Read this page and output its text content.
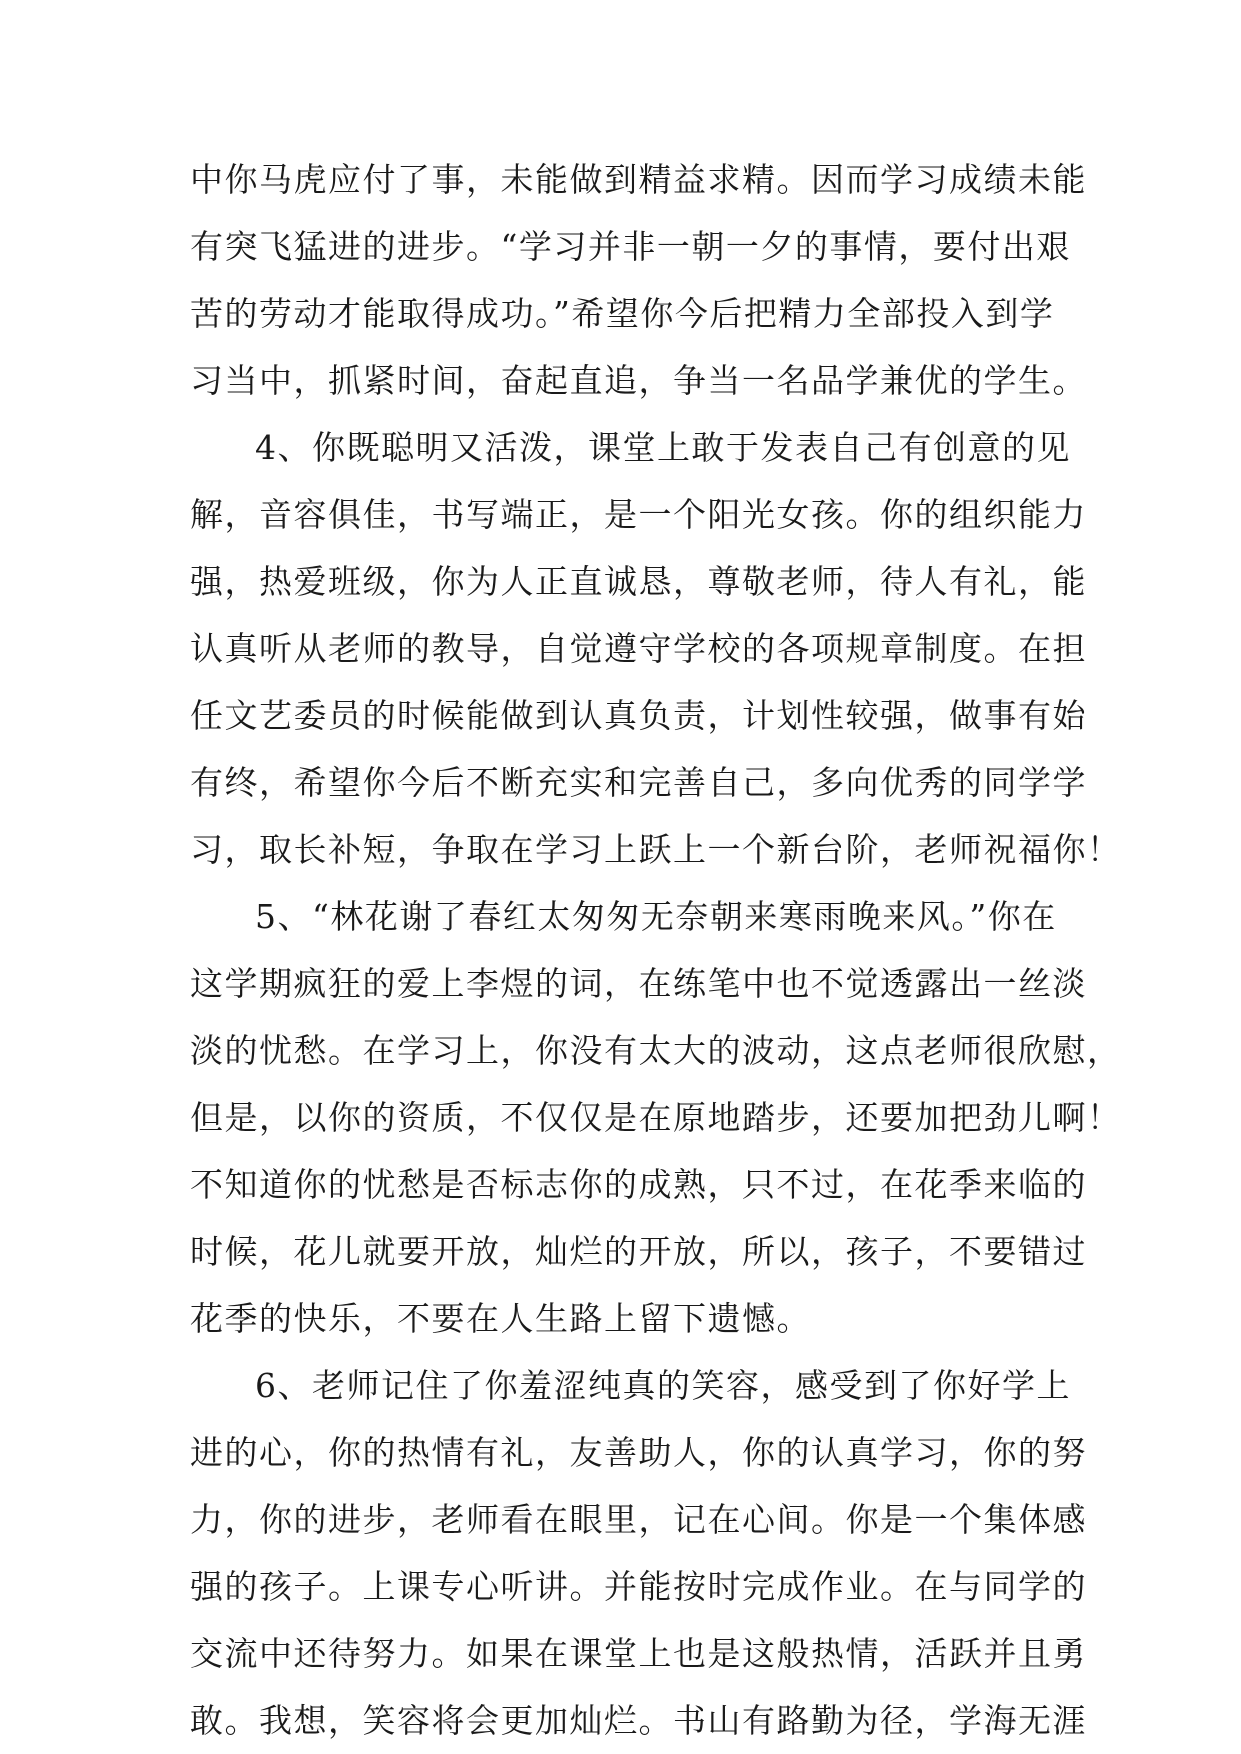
中你马虎应付了事，未能做到精益求精。因而学习成绩未能
有突飞猛进的进步。“学习并非一朝一夕的事情，要付出艰
苦的劳动才能取得成功。”希望你今后把精力全部投入到学
习当中，抓紧时间，奋起直追，争当一名品学兼优的学生。
4、你既聪明又活泼，课堂上敢于发表自己有创意的见
解，音容俱佳，书写端正，是一个阳光女孩。你的组织能力
强，热爱班级，你为人正直诚恳，尊敬老师，待人有礼，能
认真听从老师的教导，自觉遵守学校的各项规章制度。在担
任文艺委员的时候能做到认真负责，计划性较强，做事有始
有终，希望你今后不断充实和完善自己，多向优秀的同学学
习，取长补短，争取在学习上跃上一个新台阶，老师祝福你！
5、“林花谢了春红太匆匆无奈朝来寒雨晚来风。”你在
这学期疯狂的爱上李煜的词，在练笔中也不觉透露出一丝淡
淡的忧愁。在学习上，你没有太大的波动，这点老师很欣慰，
但是，以你的资质，不仅仅是在原地踏步，还要加把劲儿啊！
不知道你的忧愁是否标志你的成熟，只不过，在花季来临的
时候，花儿就要开放，灿烂的开放，所以，孩子，不要错过
花季的快乐，不要在人生路上留下遗憾。
6、老师记住了你羞涩纯真的笑容，感受到了你好学上
进的心，你的热情有礼，友善助人，你的认真学习，你的努
力，你的进步，老师看在眼里，记在心间。你是一个集体感
强的孩子。上课专心听讲。并能按时完成作业。在与同学的
交流中还待努力。如果在课堂上也是这般热情，活跃并且勇
敢。我想，笑容将会更加灿烂。书山有路勤为径，学海无涯
